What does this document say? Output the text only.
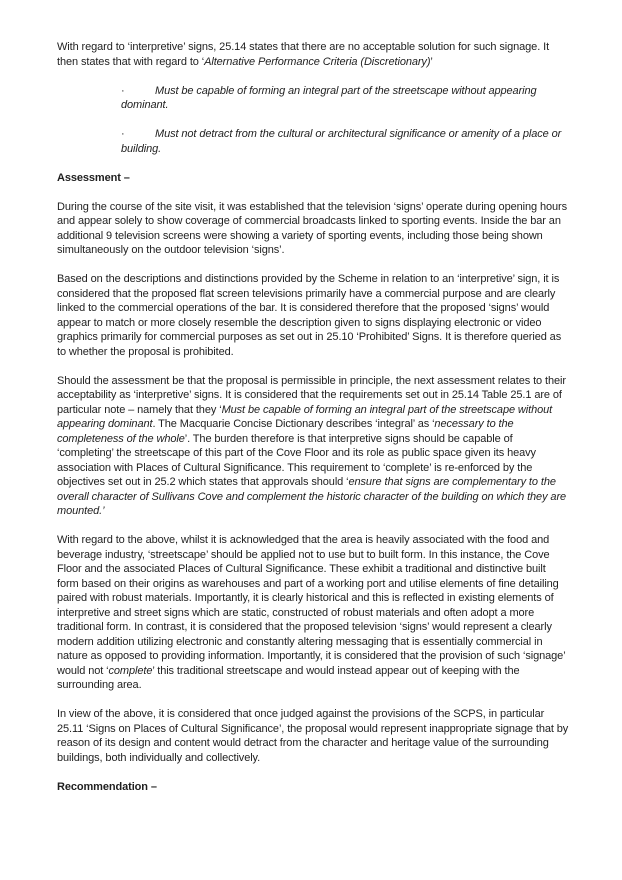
With regard to ‘interpretive’ signs, 25.14 states that there are no acceptable solution for such signage. It then states that with regard to ‘Alternative Performance Criteria (Discretionary)’

·	Must be capable of forming an integral part of the streetscape without appearing dominant.

·	Must not detract from the cultural or architectural significance or amenity of a place or building.

Assessment –

During the course of the site visit, it was established that the television ‘signs’ operate during opening hours and appear solely to show coverage of commercial broadcasts linked to sporting events. Inside the bar an additional 9 television screens were showing a variety of sporting events, including those being shown simultaneously on the outdoor television ‘signs’.

Based on the descriptions and distinctions provided by the Scheme in relation to an ‘interpretive’ sign, it is considered that the proposed flat screen televisions primarily have a commercial purpose and are clearly linked to the commercial operations of the bar. It is considered therefore that the proposed ‘signs’ would appear to match or more closely resemble the description given to signs displaying electronic or video graphics primarily for commercial purposes as set out in 25.10 ‘Prohibited’ Signs. It is therefore queried as to whether the proposal is prohibited.

Should the assessment be that the proposal is permissible in principle, the next assessment relates to their acceptability as ‘interpretive’ signs. It is considered that the requirements set out in 25.14 Table 25.1 are of particular note – namely that they ‘Must be capable of forming an integral part of the streetscape without appearing dominant. The Macquarie Concise Dictionary describes ‘integral’ as ‘necessary to the completeness of the whole’. The burden therefore is that interpretive signs should be capable of ‘completing’ the streetscape of this part of the Cove Floor and its role as public space given its heavy association with Places of Cultural Significance. This requirement to ‘complete’ is re-enforced by the objectives set out in 25.2 which states that approvals should ‘ensure that signs are complementary to the overall character of Sullivans Cove and complement the historic character of the building on which they are mounted.’

With regard to the above, whilst it is acknowledged that the area is heavily associated with the food and beverage industry, ‘streetscape’ should be applied not to use but to built form. In this instance, the Cove Floor and the associated Places of Cultural Significance. These exhibit a traditional and distinctive built form based on their origins as warehouses and part of a working port and utilise elements of fine detailing paired with robust materials. Importantly, it is clearly historical and this is reflected in existing elements of interpretive and street signs which are static, constructed of robust materials and often adopt a more traditional form. In contrast, it is considered that the proposed television ‘signs’ would represent a clearly modern addition utilizing electronic and constantly altering messaging that is essentially commercial in nature as opposed to providing information. Importantly, it is considered that the provision of such ‘signage’ would not ‘complete’ this traditional streetscape and would instead appear out of keeping with the surrounding area.

In view of the above, it is considered that once judged against the provisions of the SCPS, in particular 25.11 ‘Signs on Places of Cultural Significance’, the proposal would represent inappropriate signage that by reason of its design and content would detract from the character and heritage value of the surrounding buildings, both individually and collectively.

Recommendation –
